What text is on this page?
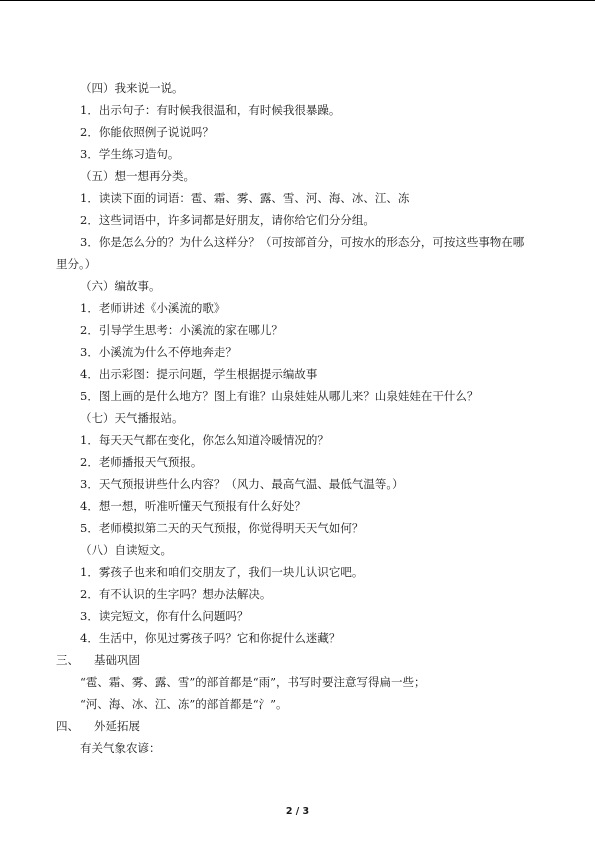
（四）我来说一说。
1．出示句子：有时候我很温和，有时候我很暴躁。
2．你能依照例子说说吗？
3．学生练习造句。
（五）想一想再分类。
1．读读下面的词语：雹、霜、雾、露、雪、河、海、冰、江、冻
2．这些词语中，许多词都是好朋友，请你给它们分分组。
3．你是怎么分的？为什么这样分？（可按部首分，可按水的形态分，可按这些事物在哪
里分。）
（六）编故事。
1．老师讲述《小溪流的歌》
2．引导学生思考：小溪流的家在哪儿？
3．小溪流为什么不停地奔走？
4．出示彩图：提示问题，学生根据提示编故事
5．图上画的是什么地方？图上有谁？山泉娃娃从哪儿来？山泉娃娃在干什么？
（七）天气播报站。
1．每天天气都在变化，你怎么知道冷暖情况的？
2．老师播报天气预报。
3．天气预报讲些什么内容？（风力、最高气温、最低气温等。）
4．想一想，听准听懂天气预报有什么好处？
5．老师模拟第二天的天气预报，你觉得明天天气如何？
（八）自读短文。
1．雾孩子也来和咱们交朋友了，我们一块儿认识它吧。
2．有不认识的生字吗？想办法解决。
3．读完短文，你有什么问题吗？
4．生活中，你见过雾孩子吗？它和你捉什么迷藏？
三、 基础巩固
“雹、霜、雾、露、雪”的部首都是“雨”，书写时要注意写得扁一些；
“河、海、冰、江、冻”的部首都是“氵”。
四、 外延拓展
有关气象农谚：
2 / 3
